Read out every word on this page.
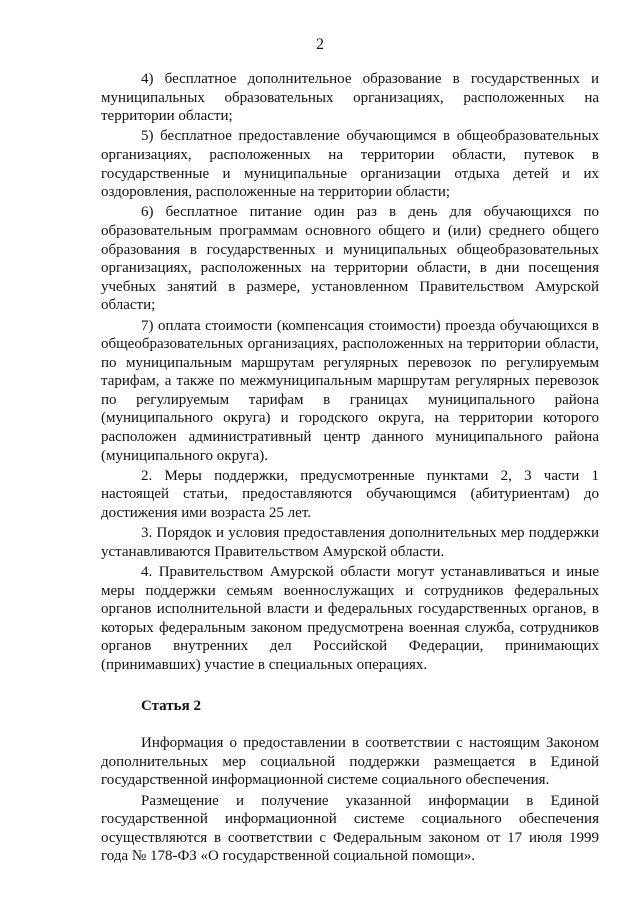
2

4) бесплатное дополнительное образование в государственных и муниципальных образовательных организациях, расположенных на территории области;

5) бесплатное предоставление обучающимся в общеобразовательных организациях, расположенных на территории области, путевок в государственные и муниципальные организации отдыха детей и их оздоровления, расположенные на территории области;

6) бесплатное питание один раз в день для обучающихся по образовательным программам основного общего и (или) среднего общего образования в государственных и муниципальных общеобразовательных организациях, расположенных на территории области, в дни посещения учебных занятий в размере, установленном Правительством Амурской области;

7) оплата стоимости (компенсация стоимости) проезда обучающихся в общеобразовательных организациях, расположенных на территории области, по муниципальным маршрутам регулярных перевозок по регулируемым тарифам, а также по межмуниципальным маршрутам регулярных перевозок по регулируемым тарифам в границах муниципального района (муниципального округа) и городского округа, на территории которого расположен административный центр данного муниципального района (муниципального округа).

2. Меры поддержки, предусмотренные пунктами 2, 3 части 1 настоящей статьи, предоставляются обучающимся (абитуриентам) до достижения ими возраста 25 лет.

3. Порядок и условия предоставления дополнительных мер поддержки устанавливаются Правительством Амурской области.

4. Правительством Амурской области могут устанавливаться и иные меры поддержки семьям военнослужащих и сотрудников федеральных органов исполнительной власти и федеральных государственных органов, в которых федеральным законом предусмотрена военная служба, сотрудников органов внутренних дел Российской Федерации, принимающих (принимавших) участие в специальных операциях.

Статья 2

Информация о предоставлении в соответствии с настоящим Законом дополнительных мер социальной поддержки размещается в Единой государственной информационной системе социального обеспечения.

Размещение и получение указанной информации в Единой государственной информационной системе социального обеспечения осуществляются в соответствии с Федеральным законом от 17 июля 1999 года № 178-ФЗ «О государственной социальной помощи».
